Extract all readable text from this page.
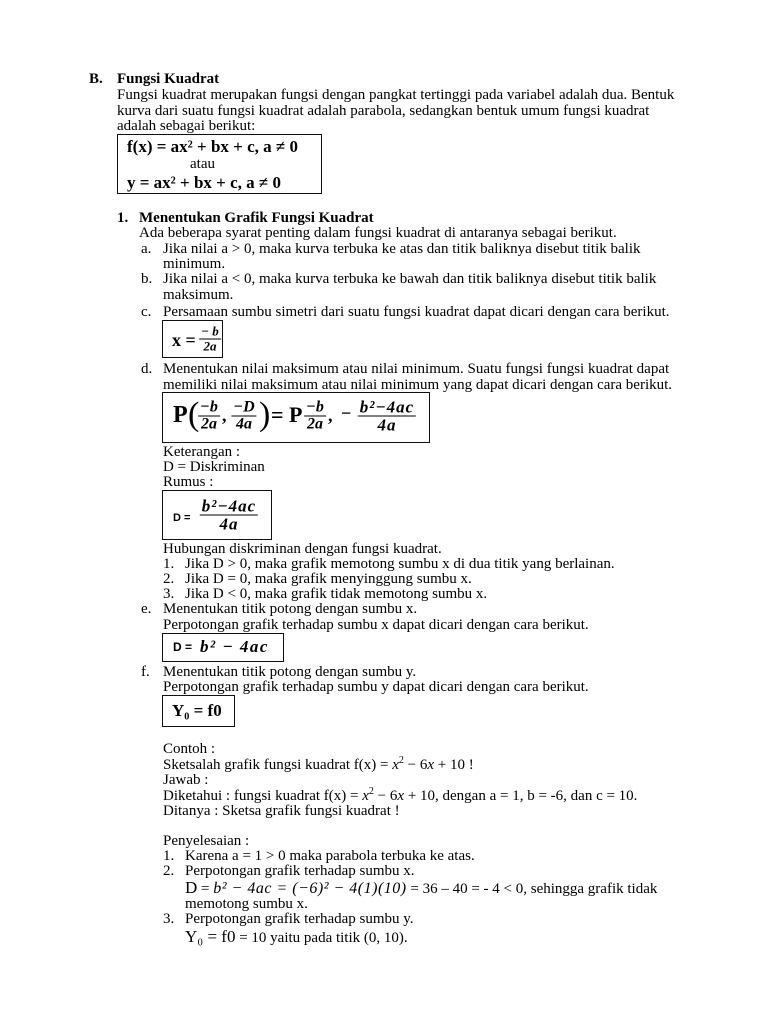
B. Fungsi Kuadrat
Fungsi kuadrat merupakan fungsi dengan pangkat tertinggi pada variabel adalah dua. Bentuk
kurva dari suatu fungsi kuadrat adalah parabola, sedangkan bentuk umum fungsi kuadrat
adalah sebagai berikut:
f(x) = ax² + bx + c, a ≠ 0
atau
y = ax² + bx + c, a ≠ 0
1. Menentukan Grafik Fungsi Kuadrat
Ada beberapa syarat penting dalam fungsi kuadrat di antaranya sebagai berikut.
a. Jika nilai a > 0, maka kurva terbuka ke atas dan titik baliknya disebut titik balik
minimum.
b. Jika nilai a < 0, maka kurva terbuka ke bawah dan titik baliknya disebut titik balik
maksimum.
c. Persamaan sumbu simetri dari suatu fungsi kuadrat dapat dicari dengan cara berikut.
$x = \frac{- b}{2a}$
d. Menentukan nilai maksimum atau nilai minimum. Suatu fungsi fungsi kuadrat dapat
memiliki nilai maksimum atau nilai minimum yang dapat dicari dengan cara berikut.
P (
$\frac{-b}{2a}$ , $\frac{-D}{4a}$ ) = P $\frac{-b}{2a}$ , − $\frac{\text{b²−4ac}}{4a}$
Keterangan :
D = Diskriminan
Rumus :
$D = \frac{\text{b²−4ac}}{4a}$
Hubungan diskriminan dengan fungsi kuadrat.
1. Jika D > 0, maka grafik memotong sumbu x di dua titik yang berlainan.
2. Jika D = 0, maka grafik menyinggung sumbu x.
3. Jika D < 0, maka grafik tidak memotong sumbu x.
e. Menentukan titik potong dengan sumbu x.
Perpotongan grafik terhadap sumbu x dapat dicari dengan cara berikut.
D = b² − 4ac
f. Menentukan titik potong dengan sumbu y.
Perpotongan grafik terhadap sumbu y dapat dicari dengan cara berikut.
Y₀ = f0
Contoh :
Sketsalah grafik fungsi kuadrat $f(x) = x^2 - 6x + 10$ !
Jawab :
Diketahui : fungsi kuadrat $f(x) = x^2 - 6x + 10$, dengan a = 1, b = -6, dan c = 10.
Ditanya : Sketsa grafik fungsi kuadrat !
Penyelesaian :
1. Karena a = 1 > 0 maka parabola terbuka ke atas.
2. Perpotongan grafik terhadap sumbu x.
D = b² − 4ac = (−6)² − 4(1)(10) = 36 – 40 = - 4 < 0, sehingga grafik tidak
memotong sumbu x.
3. Perpotongan grafik terhadap sumbu y.
Y₀ = f0 = 10 yaitu pada titik (0, 10).
